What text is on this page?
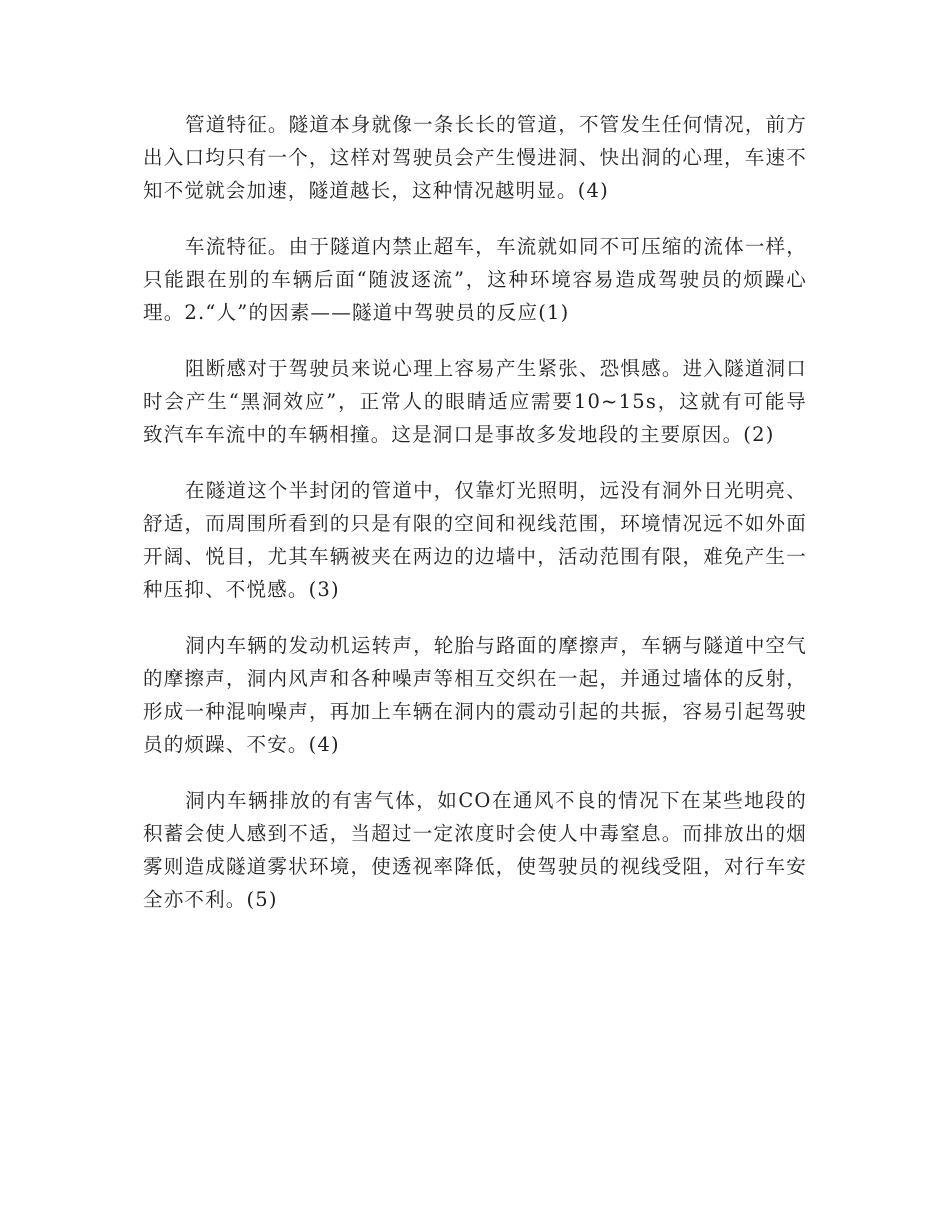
管道特征。隧道本身就像一条长长的管道，不管发生任何情况，前方出入口均只有一个，这样对驾驶员会产生慢进洞、快出洞的心理，车速不知不觉就会加速，隧道越长，这种情况越明显。(4)

车流特征。由于隧道内禁止超车，车流就如同不可压缩的流体一样，只能跟在别的车辆后面“随波逐流”，这种环境容易造成驾驶员的烦躁心理。2.“人”的因素——隧道中驾驶员的反应(1)

阻断感对于驾驶员来说心理上容易产生紧张、恐惧感。进入隧道洞口时会产生“黑洞效应”，正常人的眼睛适应需要10~15s，这就有可能导致汽车车流中的车辆相撞。这是洞口是事故多发地段的主要原因。(2)

在隧道这个半封闭的管道中，仅靠灯光照明，远没有洞外日光明亮、舒适，而周围所看到的只是有限的空间和视线范围，环境情况远不如外面开阔、悦目，尤其车辆被夹在两边的边墙中，活动范围有限，难免产生一种压抑、不悦感。(3)

洞内车辆的发动机运转声，轮胎与路面的摩擦声，车辆与隧道中空气的摩擦声，洞内风声和各种噪声等相互交织在一起，并通过墙体的反射，形成一种混响噪声，再加上车辆在洞内的震动引起的共振，容易引起驾驶员的烦躁、不安。(4)

洞内车辆排放的有害气体，如CO在通风不良的情况下在某些地段的积蓄会使人感到不适，当超过一定浓度时会使人中毒窒息。而排放出的烟雾则造成隧道雾状环境，使透视率降低，使驾驶员的视线受阻，对行车安全亦不利。(5)
